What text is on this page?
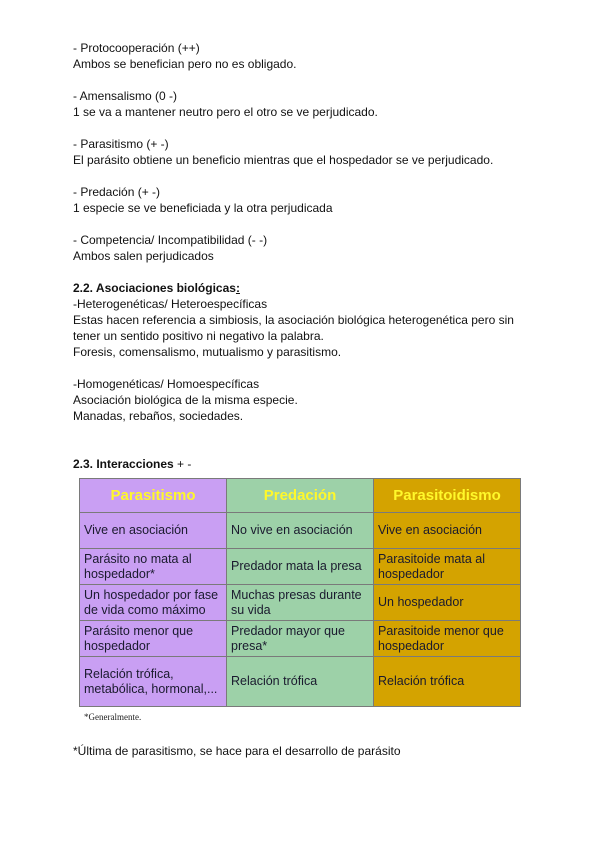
- Protocooperación (++)
Ambos se benefician pero no es obligado.
- Amensalismo (0 -)
1 se va a mantener neutro pero el otro se ve perjudicado.
- Parasitismo (+ -)
El parásito obtiene un beneficio mientras que el hospedador se ve perjudicado.
- Predación (+ -)
1 especie se ve beneficiada y la otra perjudicada
- Competencia/ Incompatibilidad (- -)
Ambos salen perjudicados
2.2. Asociaciones biológicas:
-Heterogenéticas/ Heteroespecíficas
Estas hacen referencia a simbiosis, la asociación biológica heterogenética pero sin tener un sentido positivo ni negativo la palabra.
Foresis, comensalismo, mutualismo y parasitismo.
-Homogenéticas/ Homoespecíficas
Asociación biológica de la misma especie.
Manadas, rebaños, sociedades.
2.3. Interacciones + -
Parasitismo	Predación	Parasitoidismo
Vive en asociación	No vive en asociación	Vive en asociación
Parásito no mata al hospedador*	Predador mata la presa	Parasitoide mata al hospedador
Un hospedador por fase de vida como máximo	Muchas presas durante su vida	Un hospedador
Parásito menor que hospedador	Predador mayor que presa*	Parasitoide menor que hospedador
Relación trófica, metabólica, hormonal,...	Relación trófica	Relación trófica
*Generalmente.
*Última de parasitismo, se hace para el desarrollo de parásito
